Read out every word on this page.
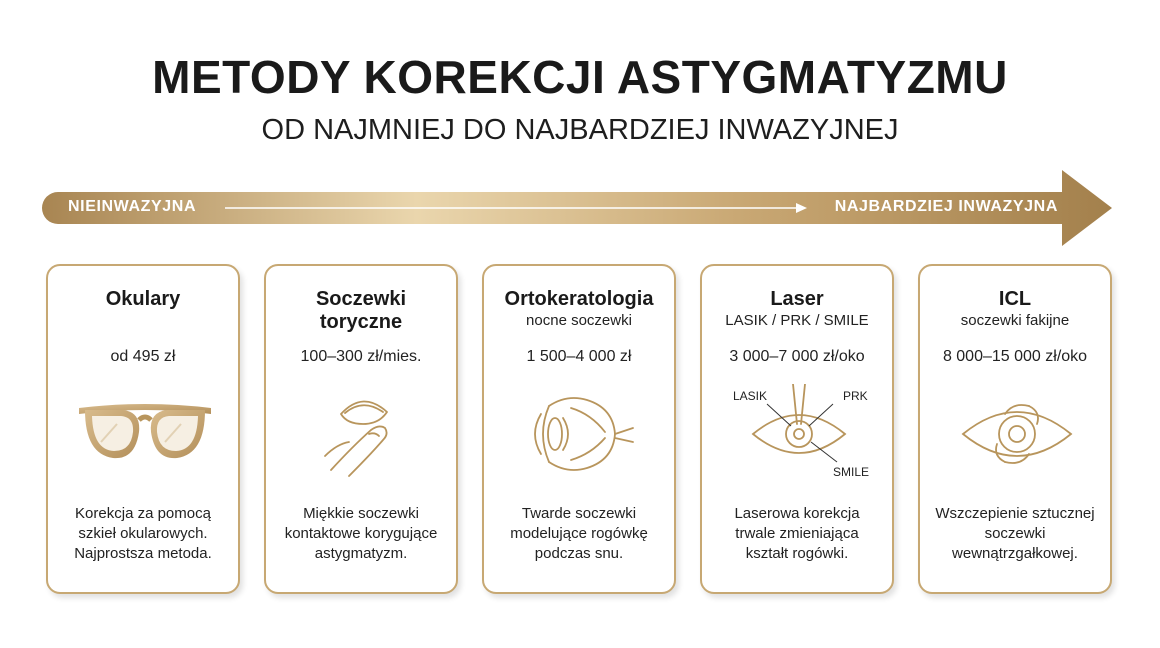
METODY KOREKCJI ASTYGMATYZMU
OD NAJMNIEJ DO NAJBARDZIEJ INWAZYJNEJ
NIEINWAZYJNA	NAJBARDZIEJ INWAZYJNA
Okulary
od 495 zł
Korekcja za pomocą
szkieł okularowych.
Najprostsza metoda.
Soczewki
toryczne
100–300 zł/mies.
Miękkie soczewki
kontaktowe korygujące
astygmatyzm.
Ortokeratologia
nocne soczewki
1 500–4 000 zł
Twarde soczewki
modelujące rogówkę
podczas snu.
Laser
LASIK / PRK / SMILE
3 000–7 000 zł/oko
LASIK	PRK
SMILE
Laserowa korekcja
trwale zmieniająca
kształt rogówki.
ICL
soczewki fakijne
8 000–15 000 zł/oko
Wszczepienie sztucznej
soczewki
wewnątrzgałkowej.
